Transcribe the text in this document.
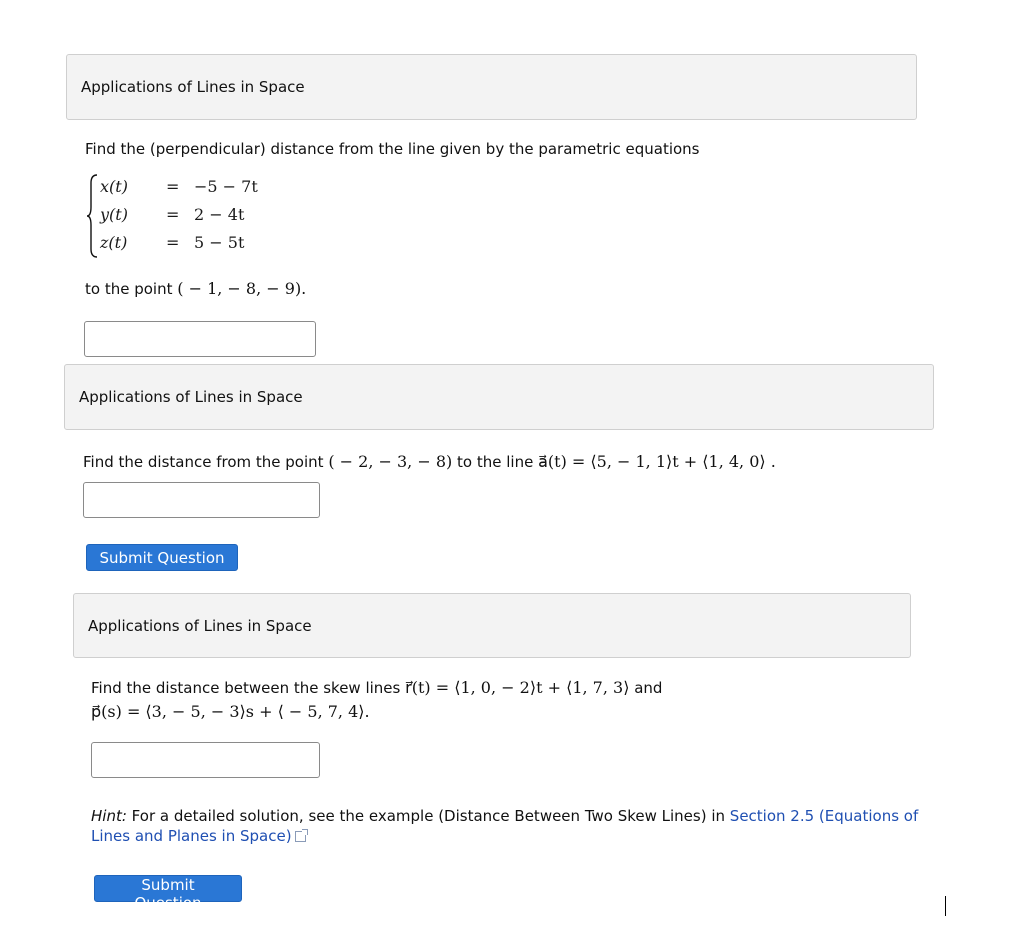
Applications of Lines in Space
Find the (perpendicular) distance from the line given by the parametric equations
x(t) = −5 − 7t
y(t) = 2 − 4t
z(t) = 5 − 5t
to the point ( − 1, − 8, − 9).
Applications of Lines in Space
Find the distance from the point ( − 2, − 3, − 8) to the line a⃗(t) = ⟨5, − 1, 1⟩t + ⟨1, 4, 0⟩ .
Submit Question
Applications of Lines in Space
Find the distance between the skew lines r⃗(t) = ⟨1, 0, − 2⟩t + ⟨1, 7, 3⟩ and
p⃗(s) = ⟨3, − 5, − 3⟩s + ⟨ − 5, 7, 4⟩.
Hint: For a detailed solution, see the example (Distance Between Two Skew Lines) in Section 2.5 (Equations of
Lines and Planes in Space)
Submit Question
